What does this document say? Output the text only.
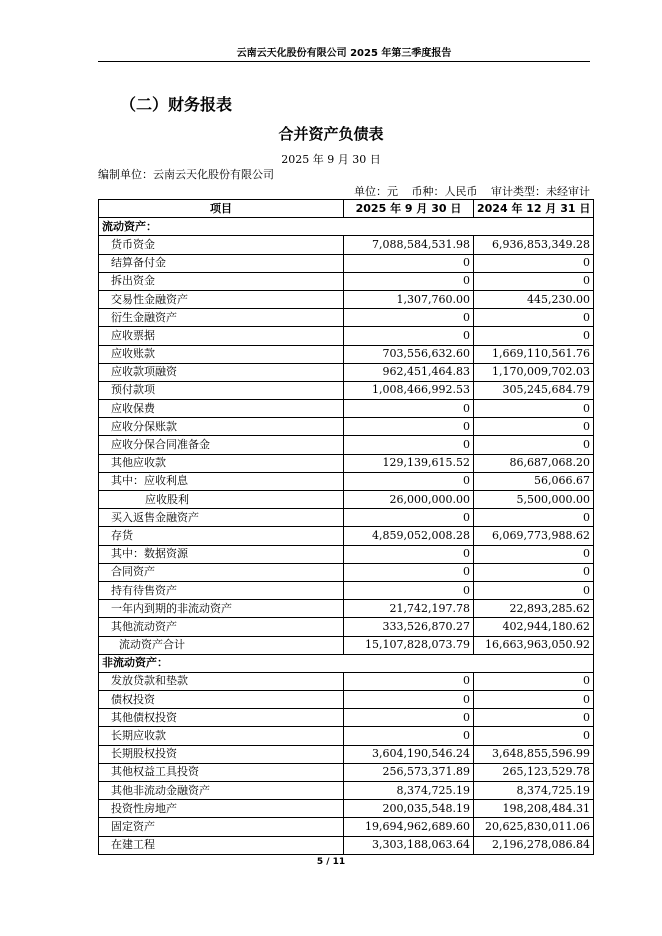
云南云天化股份有限公司 2025 年第三季度报告
（二）财务报表
合并资产负债表
2025 年 9 月 30 日
编制单位：云南云天化股份有限公司
单位：元 币种：人民币 审计类型：未经审计
项目	2025 年 9 月 30 日	2024 年 12 月 31 日
流动资产：		
货币资金	7,088,584,531.98	6,936,853,349.28
结算备付金	0	0
拆出资金	0	0
交易性金融资产	1,307,760.00	445,230.00
衍生金融资产	0	0
应收票据	0	0
应收账款	703,556,632.60	1,669,110,561.76
应收款项融资	962,451,464.83	1,170,009,702.03
预付款项	1,008,466,992.53	305,245,684.79
应收保费	0	0
应收分保账款	0	0
应收分保合同准备金	0	0
其他应收款	129,139,615.52	86,687,068.20
其中：应收利息	0	56,066.67
应收股利	26,000,000.00	5,500,000.00
买入返售金融资产	0	0
存货	4,859,052,008.28	6,069,773,988.62
其中：数据资源	0	0
合同资产	0	0
持有待售资产	0	0
一年内到期的非流动资产	21,742,197.78	22,893,285.62
其他流动资产	333,526,870.27	402,944,180.62
流动资产合计	15,107,828,073.79	16,663,963,050.92
非流动资产：		
发放贷款和垫款	0	0
债权投资	0	0
其他债权投资	0	0
长期应收款	0	0
长期股权投资	3,604,190,546.24	3,648,855,596.99
其他权益工具投资	256,573,371.89	265,123,529.78
其他非流动金融资产	8,374,725.19	8,374,725.19
投资性房地产	200,035,548.19	198,208,484.31
固定资产	19,694,962,689.60	20,625,830,011.06
在建工程	3,303,188,063.64	2,196,278,086.84
5 / 11
